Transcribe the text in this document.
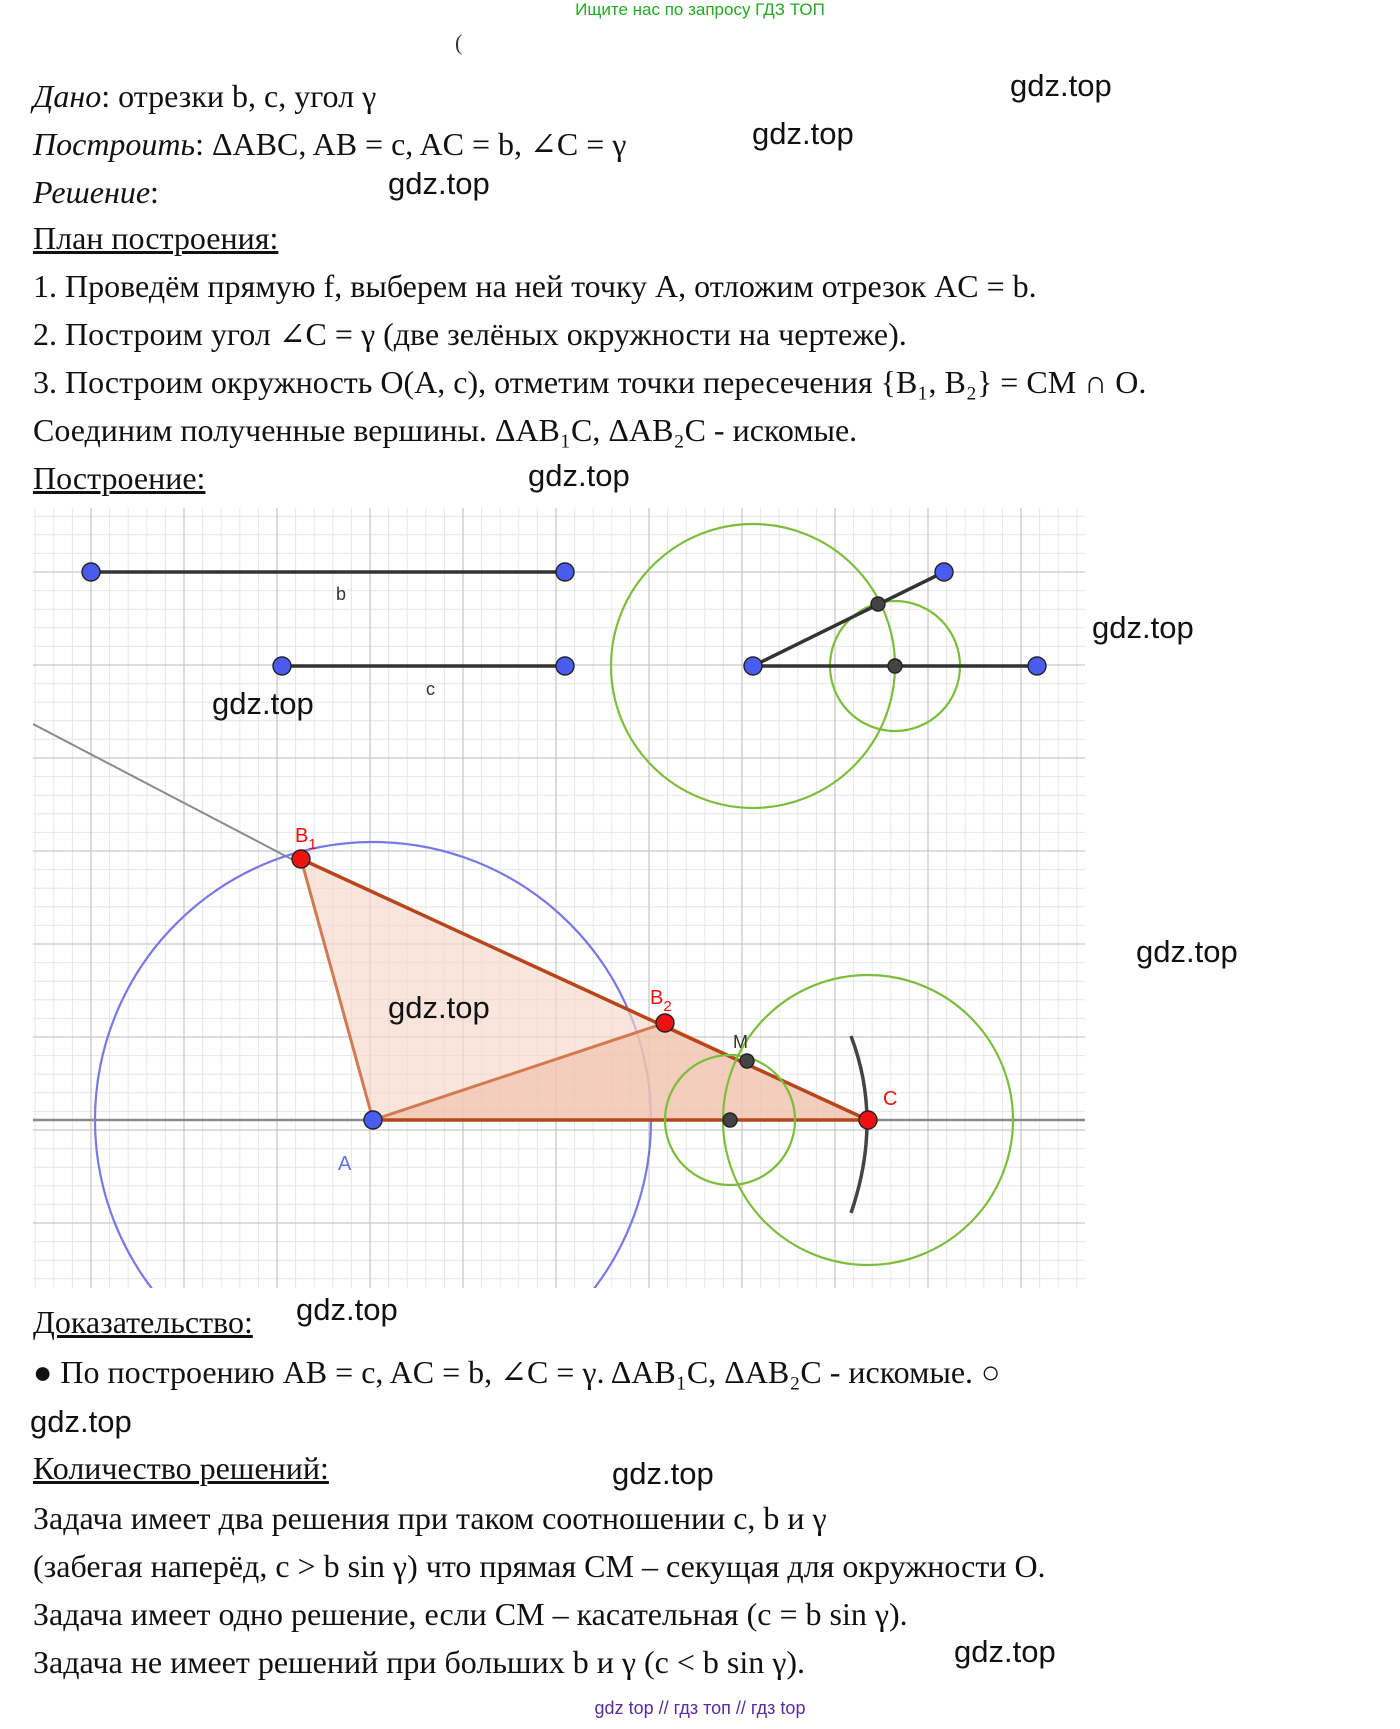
Ищите нас по запросу ГДЗ ТОП
(
Дано: отрезки b, c, угол γ
Построить: ΔABC, AB = c, AC = b, ∠C = γ
Решение:
План построения:
1. Проведём прямую f, выберем на ней точку A, отложим отрезок AC = b.
2. Построим угол ∠C = γ (две зелёных окружности на чертеже).
3. Построим окружность O(A, c), отметим точки пересечения {B₁, B₂} = CM ∩ O.
Соединим полученные вершины. ΔAB₁C, ΔAB₂C - искомые.
Построение:
b
c
$B_1$
$B_2$
M
A
C
Доказательство:
● По построению AB = c, AC = b, ∠C = γ. ΔAB₁C, ΔAB₂C - искомые. ○
Количество решений:
Задача имеет два решения при таком соотношении c, b и γ
(забегая наперёд, c > b sin γ) что прямая CM – секущая для окружности O.
Задача имеет одно решение, если CM – касательная (c = b sin γ).
Задача не имеет решений при больших b и γ (c < b sin γ).
gdz.top
gdz.top
gdz.top
gdz.top
gdz.top
gdz.top
gdz.top
gdz.top
gdz.top
gdz.top
gdz.top
gdz.top
gdz top // гдз топ // гдз top
